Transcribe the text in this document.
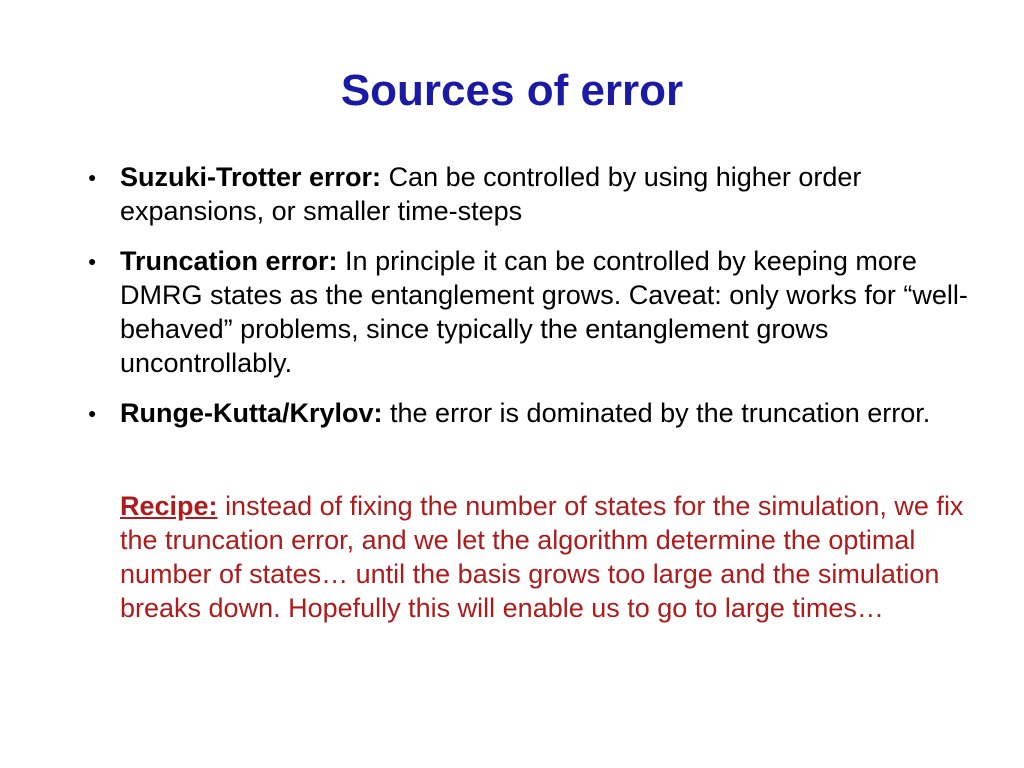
Sources of error
● Suzuki-Trotter error: Can be controlled by using higher order expansions, or smaller time-steps
● Truncation error: In principle it can be controlled by keeping more DMRG states as the entanglement grows. Caveat: only works for “well-behaved” problems, since typically the entanglement grows uncontrollably.
● Runge-Kutta/Krylov: the error is dominated by the truncation error.
Recipe: instead of fixing the number of states for the simulation, we fix the truncation error, and we let the algorithm determine the optimal number of states… until the basis grows too large and the simulation breaks down. Hopefully this will enable us to go to large times…
